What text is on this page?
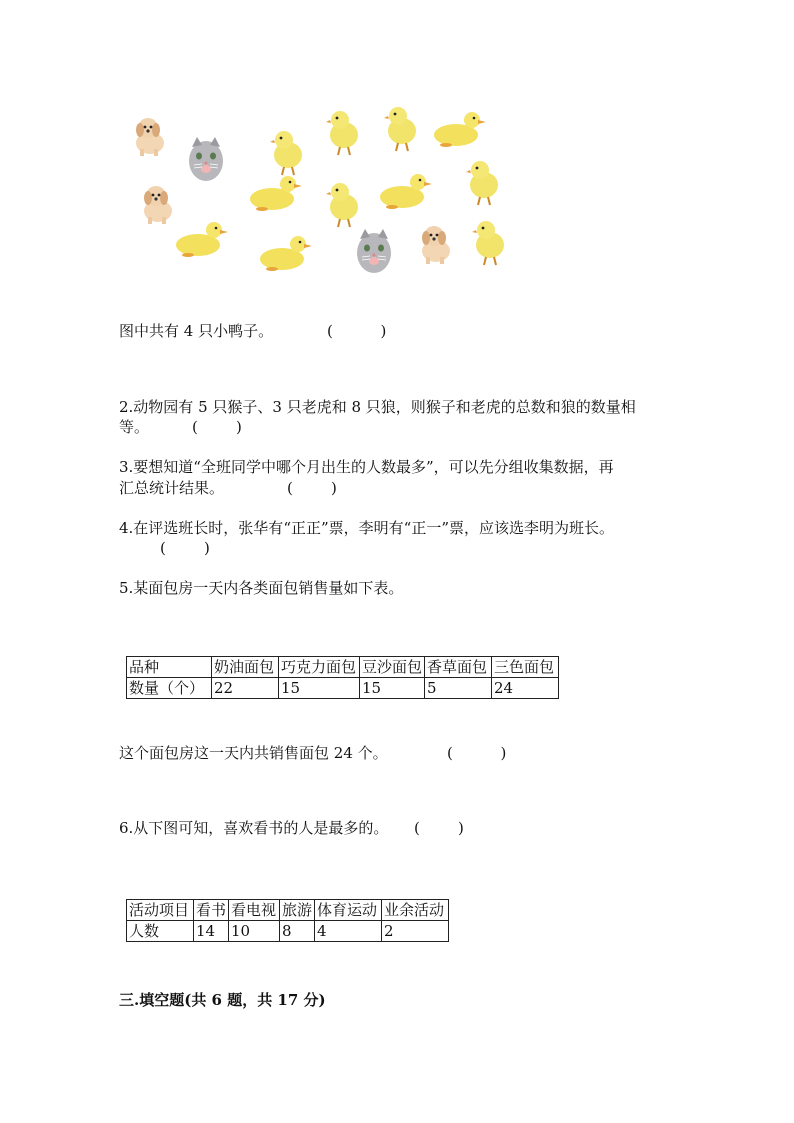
图中共有 4 只小鸭子。	(          )
2.动物园有 5 只猴子、3 只老虎和 8 只狼，则猴子和老虎的总数和狼的数量相
等。	(        )
3.要想知道“全班同学中哪个月出生的人数最多”，可以先分组收集数据，再
汇总统计结果。	(        )
4.在评选班长时，张华有“正正”票，李明有“正一”票，应该选李明为班长。
(        )
5.某面包房一天内各类面包销售量如下表。
品种	奶油面包	巧克力面包	豆沙面包	香草面包	三色面包
数量（个）	22	15	15	5	24
这个面包房这一天内共销售面包 24 个。	(          )
6.从下图可知，喜欢看书的人是最多的。 (        )
活动项目	看书	看电视	旅游	体育运动	业余活动
人数	14	10	8	4	2
三.填空题(共 6 题，共 17 分)
